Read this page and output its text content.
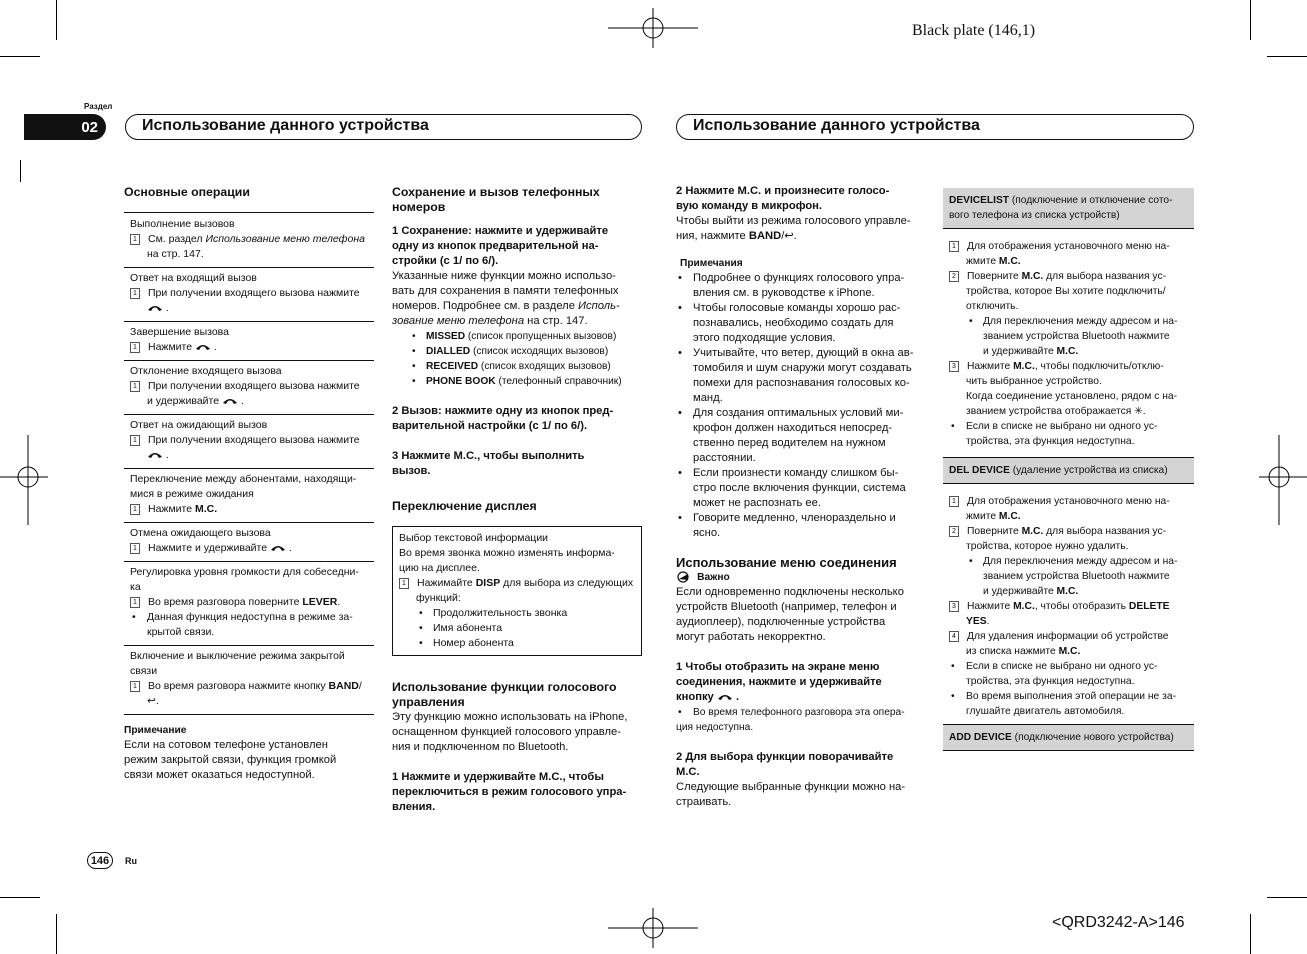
Black plate (146,1)
Раздел
02	Использование данного устройства	Использование данного устройства

Основные операции

Выполнение вызовов
1 См. раздел Использование меню телефона
на стр. 147.
Ответ на входящий вызов
1 При получении входящего вызова нажмите
.
Завершение вызова
1 Нажмите  .
Отклонение входящего вызова
1 При получении входящего вызова нажмите
и удерживайте  .
Ответ на ожидающий вызов
1 При получении входящего вызова нажмите
.
Переключение между абонентами, находящи-
мися в режиме ожидания
1 Нажмите M.C.
Отмена ожидающего вызова
1 Нажмите и удерживайте  .
Регулировка уровня громкости для собеседни-
ка
1 Во время разговора поверните LEVER.
• Данная функция недоступна в режиме за-
крытой связи.
Включение и выключение режима закрытой
связи
1 Во время разговора нажмите кнопку BAND/
↩.

Примечание

Если на сотовом телефоне установлен

режим закрытой связи, функция громкой

связи может оказаться недоступной.

Сохранение и вызов телефонных

номеров

1 Сохранение: нажмите и удерживайте

одну из кнопок предварительной на-

стройки (с 1/ по 6/).

Указанные ниже функции можно использо-

вать для сохранения в памяти телефонных

номеров. Подробнее см. в разделе Исполь-

зование меню телефона на стр. 147.

• MISSED (список пропущенных вызовов)

• DIALLED (список исходящих вызовов)

• RECEIVED (список входящих вызовов)

• PHONE BOOK (телефонный справочник)

2 Вызов: нажмите одну из кнопок пред-

варительной настройки (с 1/ по 6/).

3 Нажмите M.C., чтобы выполнить

вызов.

Переключение дисплея

Выбор текстовой информации

Во время звонка можно изменять информа-

цию на дисплее.

1 Нажимайте DISP для выбора из следующих

функций:

• Продолжительность звонка

• Имя абонента

• Номер абонента

Использование функции голосового

управления

Эту функцию можно использовать на iPhone,

оснащенном функцией голосового управле-

ния и подключенном по Bluetooth.

1 Нажмите и удерживайте M.C., чтобы

переключиться в режим голосового упра-

вления.

2 Нажмите M.C. и произнесите голосо-

вую команду в микрофон.

Чтобы выйти из режима голосового управле-

ния, нажмите BAND/↩.

Примечания

• Подробнее о функциях голосового упра-

вления см. в руководстве к iPhone.

• Чтобы голосовые команды хорошо рас-

познавались, необходимо создать для

этого подходящие условия.

• Учитывайте, что ветер, дующий в окна ав-

томобиля и шум снаружи могут создавать

помехи для распознавания голосовых ко-

манд.

• Для создания оптимальных условий ми-

крофон должен находиться непосред-

ственно перед водителем на нужном

расстоянии.

• Если произнести команду слишком бы-

стро после включения функции, система

может не распознать ее.

• Говорите медленно, членораздельно и

ясно.

Использование меню соединения

Важно

Если одновременно подключены несколько

устройств Bluetooth (например, телефон и

аудиоплеер), подключенные устройства

могут работать некорректно.

1 Чтобы отобразить на экране меню

соединения, нажмите и удерживайте

кнопку  .

• Во время телефонного разговора эта опера-

ция недоступна.

2 Для выбора функции поворачивайте

M.C.

Следующие выбранные функции можно на-

страивать.

DEVICELIST (подключение и отключение сото-
вого телефона из списка устройств)

1 Для отображения установочного меню на-

жмите M.C.

2 Поверните M.C. для выбора названия ус-

тройства, которое Вы хотите подключить/

отключить.

• Для переключения между адресом и на-

званием устройства Bluetooth нажмите

и удерживайте M.C.

3 Нажмите M.C., чтобы подключить/отклю-

чить выбранное устройство.

Когда соединение установлено, рядом с на-

званием устройства отображается ✳.

• Если в списке не выбрано ни одного ус-

тройства, эта функция недоступна.

DEL DEVICE (удаление устройства из списка)

1 Для отображения установочного меню на-

жмите M.C.

2 Поверните M.C. для выбора названия ус-

тройства, которое нужно удалить.

• Для переключения между адресом и на-

званием устройства Bluetooth нажмите

и удерживайте M.C.

3 Нажмите M.C., чтобы отобразить DELETE

YES.

4 Для удаления информации об устройстве

из списка нажмите M.C.

• Если в списке не выбрано ни одного ус-

тройства, эта функция недоступна.

• Во время выполнения этой операции не за-

глушайте двигатель автомобиля.

ADD DEVICE (подключение нового устройства)
146	Ru
<QRD3242-A>146
